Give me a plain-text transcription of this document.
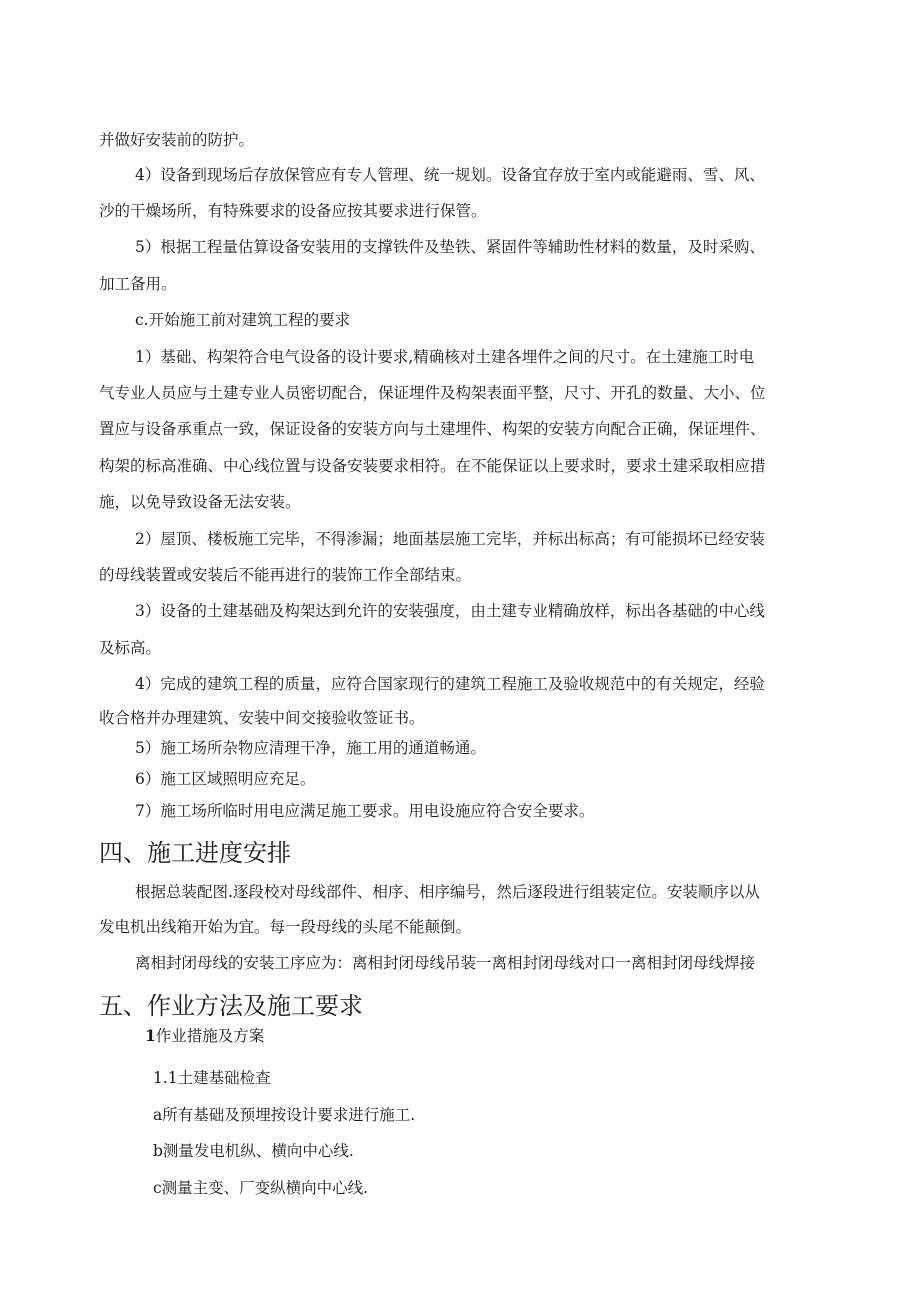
并做好安装前的防护。

4）设备到现场后存放保管应有专人管理、统一规划。设备宜存放于室内或能避雨、雪、风、

沙的干燥场所，有特殊要求的设备应按其要求进行保管。

5）根据工程量估算设备安装用的支撑铁件及垫铁、紧固件等辅助性材料的数量，及时采购、

加工备用。

c.开始施工前对建筑工程的要求

1）基础、构架符合电气设备的设计要求,精确核对土建各埋件之间的尺寸。在土建施工时电

气专业人员应与土建专业人员密切配合，保证埋件及构架表面平整，尺寸、开孔的数量、大小、位

置应与设备承重点一致，保证设备的安装方向与土建埋件、构架的安装方向配合正确，保证埋件、

构架的标高准确、中心线位置与设备安装要求相符。在不能保证以上要求时，要求土建采取相应措

施，以免导致设备无法安装。

2）屋顶、楼板施工完毕，不得渗漏；地面基层施工完毕，并标出标高；有可能损坏已经安装

的母线装置或安装后不能再进行的装饰工作全部结束。

3）设备的土建基础及构架达到允许的安装强度，由土建专业精确放样，标出各基础的中心线

及标高。

4）完成的建筑工程的质量，应符合国家现行的建筑工程施工及验收规范中的有关规定，经验

收合格并办理建筑、安装中间交接验收签证书。

5）施工场所杂物应清理干净，施工用的通道畅通。

6）施工区域照明应充足。

7）施工场所临时用电应满足施工要求。用电设施应符合安全要求。

四、施工进度安排

根据总装配图.逐段校对母线部件、相序、相序编号，然后逐段进行组装定位。安装顺序以从

发电机出线箱开始为宜。每一段母线的头尾不能颠倒。

离相封闭母线的安装工序应为：离相封闭母线吊装一离相封闭母线对口一离相封闭母线焊接

五、作业方法及施工要求

1作业措施及方案

1.1土建基础检查

a所有基础及预埋按设计要求进行施工.

b测量发电机纵、横向中心线.

c测量主变、厂变纵横向中心线.
